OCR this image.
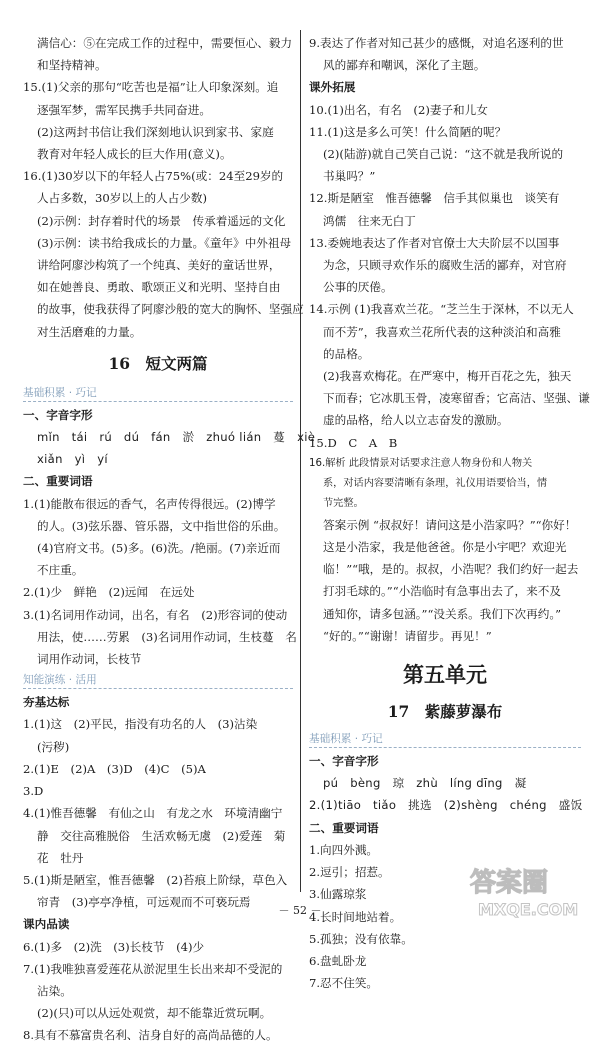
满信心：⑤在完成工作的过程中，需要恒心、毅力

和坚持精神。

15.(1)父亲的那句“吃苦也是福”让人印象深刻。追

逐强军梦，需军民携手共同奋进。

(2)这两封书信让我们深刻地认识到家书、家庭

教育对年轻人成长的巨大作用(意义)。

16.(1)30岁以下的年轻人占75%(或：24至29岁的

人占多数，30岁以上的人占少数)

(2)示例：封存着时代的场景　传承着遥远的文化

(3)示例：读书给我成长的力量。《童年》中外祖母

讲给阿廖沙构筑了一个纯真、美好的童话世界，

如在她善良、勇敢、歌颂正义和光明、坚持自由

的故事，使我获得了阿廖沙般的宽大的胸怀、坚强应

对生活磨难的力量。

16　短文两篇
基础积累 · 巧记

一、字音字形

mǐn　tái　rú　dú　fán　淤　zhuó lián　蔓　xiè

xiǎn　yì　yí

二、重要词语

1.(1)能散布很远的香气，名声传得很远。(2)博学

的人。(3)弦乐器、管乐器，文中指世俗的乐曲。

(4)官府文书。(5)多。(6)洗。/艳丽。(7)亲近而

不庄重。

2.(1)少　鲜艳　(2)远闻　在远处

3.(1)名词用作动词，出名，有名　(2)形容词的使动

用法，使……劳累　(3)名词用作动词，生枝蔓　名

词用作动词，长枝节

知能演练 · 活用

夯基达标

1.(1)这　(2)平民，指没有功名的人　(3)沾染

(污秽)

2.(1)E　(2)A　(3)D　(4)C　(5)A

3.D

4.(1)惟吾德馨　有仙之山　有龙之水　环境清幽宁

静　交往高雅脱俗　生活欢畅无虞　(2)爱莲　菊

花　牡丹

5.(1)斯是陋室，惟吾德馨　(2)苔痕上阶绿，草色入

帘青　(3)亭亭净植，可远观而不可亵玩焉

课内品读

6.(1)多　(2)洗　(3)长枝节　(4)少

7.(1)我唯独喜爱莲花从淤泥里生长出来却不受泥的

沾染。

(2)(只)可以从远处观赏，却不能靠近赏玩啊。

8.具有不慕富贵名利、洁身自好的高尚品德的人。

9.表达了作者对知己甚少的感慨，对追名逐利的世

风的鄙弃和嘲讽，深化了主题。

课外拓展

10.(1)出名，有名　(2)妻子和儿女

11.(1)这是多么可笑！什么简陋的呢？

(2)(陆游)就自己笑自己说：“这不就是我所说的

书巢吗？”

12.斯是陋室　惟吾德馨　信手其似巢也　谈笑有

鸿儒　往来无白丁

13.委婉地表达了作者对官僚士大夫阶层不以国事

为念，只顾寻欢作乐的腐败生活的鄙弃，对官府

公事的厌倦。

14.示例 (1)我喜欢兰花。“芝兰生于深林，不以无人

而不芳”，我喜欢兰花所代表的这种淡泊和高雅

的品格。

(2)我喜欢梅花。在严寒中，梅开百花之先，独天

下而春；它冰肌玉骨，凌寒留香；它高洁、坚强、谦

虚的品格，给人以立志奋发的激励。

15.D　C　A　B

16.解析 此段情景对话要求注意人物身份和人物关

系，对话内容要清晰有条理，礼仪用语要恰当，情

节完整。

答案示例 “叔叔好！请问这是小浩家吗？”“你好！

这是小浩家，我是他爸爸。你是小宇吧？欢迎光

临！”“哦，是的。叔叔，小浩呢？我们约好一起去

打羽毛球的。”“小浩临时有急事出去了，来不及

通知你，请多包涵。”“没关系。我们下次再约。”

“好的。”“谢谢！请留步。再见！”

第五单元
17　紫藤萝瀑布
基础积累 · 巧记

一、字音字形

pú　bèng　琼　zhù　líng dīng　凝

2.(1)tiāo　tiǎo　挑选　(2)shèng　chéng　盛饭

二、重要词语

1.向四外溅。

2.逗引；招惹。

3.仙露琼浆

4.长时间地站着。

5.孤独；没有依靠。

6.盘虬卧龙

7.忍不住笑。

－ 52 －
答案圈
MXQE.COM
